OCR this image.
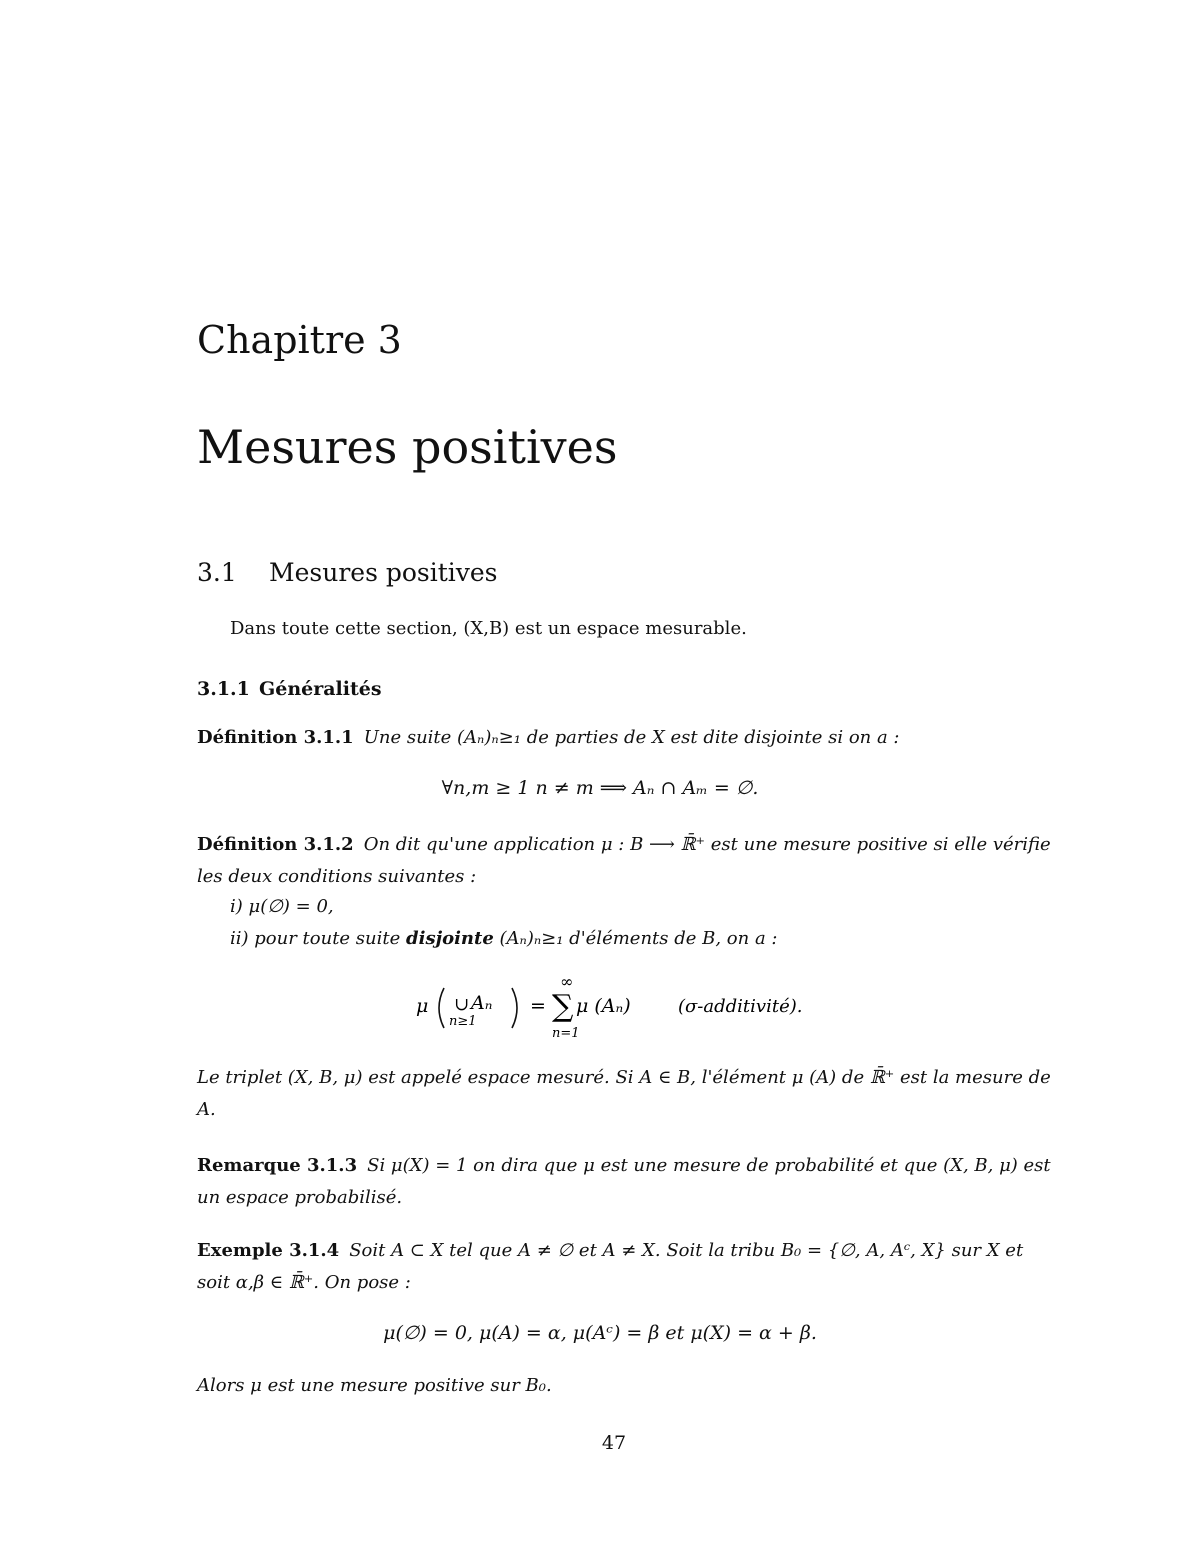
Chapitre 3
Mesures positives
3.1 Mesures positives
Dans toute cette section, (X,B) est un espace mesurable.
3.1.1 Généralités
Définition 3.1.1 Une suite (Aₙ)ₙ≥₁ de parties de X est dite disjointe si on a :
∀n,m ≥ 1 n ≠ m ⟹ Aₙ ∩ Aₘ = ∅.
Définition 3.1.2 On dit qu'une application μ : B ⟶ ℝ̄⁺ est une mesure positive si elle vérifie les deux conditions suivantes :
i) μ(∅) = 0,
ii) pour toute suite disjointe (Aₙ)ₙ≥₁ d'éléments de B, on a :
μ ∪
n≥1
Aₙ =
∞
∑
n=1
μ (Aₙ)	(σ-additivité).
Le triplet (X, B, μ) est appelé espace mesuré. Si A ∈ B, l'élément μ (A) de ℝ̄⁺ est la mesure de A.
Remarque 3.1.3 Si μ(X) = 1 on dira que μ est une mesure de probabilité et que (X, B, μ) est un espace probabilisé.
Exemple 3.1.4 Soit A ⊂ X tel que A ≠ ∅ et A ≠ X. Soit la tribu B₀ = {∅, A, Aᶜ, X} sur X et soit α,β ∈ ℝ̄⁺. On pose :
μ(∅) = 0, μ(A) = α, μ(Aᶜ) = β et μ(X) = α + β.
Alors μ est une mesure positive sur B₀.
47
